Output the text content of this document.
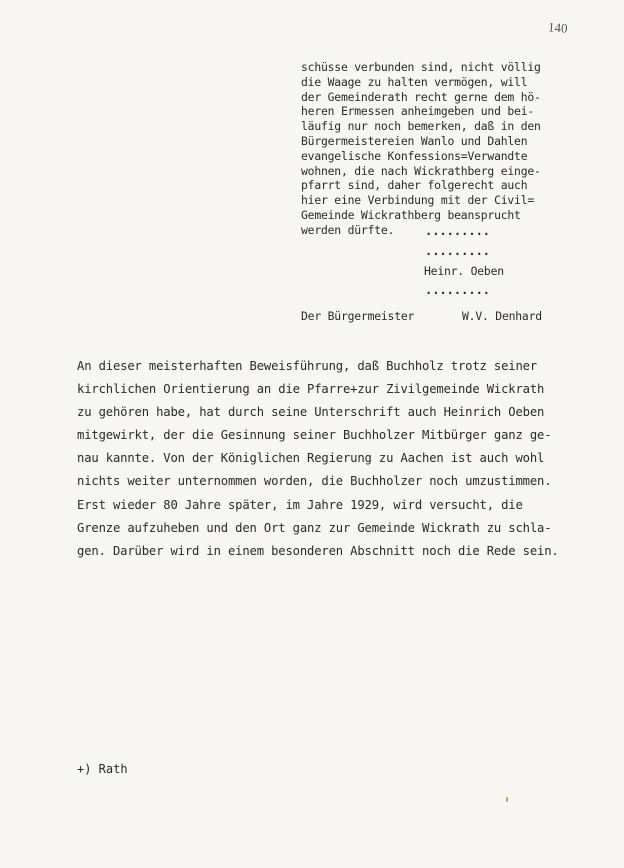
140
schüsse verbunden sind, nicht völlig
die Waage zu halten vermögen, will
der Gemeinderath recht gerne dem hö-
heren Ermessen anheimgeben und bei-
läufig nur noch bemerken, daß in den
Bürgermeistereien Wanlo und Dahlen
evangelische Konfessions=Verwandte
wohnen, die nach Wickrathberg einge-
pfarrt sind, daher folgerecht auch
hier eine Verbindung mit der Civil=
Gemeinde Wickrathberg beansprucht
werden dürfte.	.........
.........
Heinr. Oeben
.........
Der Bürgermeister	W.V. Denhard
An dieser meisterhaften Beweisführung, daß Buchholz trotz seiner
kirchlichen Orientierung an die Pfarre+zur Zivilgemeinde Wickrath
zu gehören habe, hat durch seine Unterschrift auch Heinrich Oeben
mitgewirkt, der die Gesinnung seiner Buchholzer Mitbürger ganz ge-
nau kannte. Von der Königlichen Regierung zu Aachen ist auch wohl
nichts weiter unternommen worden, die Buchholzer noch umzustimmen.
Erst wieder 80 Jahre später, im Jahre 1929, wird versucht, die
Grenze aufzuheben und den Ort ganz zur Gemeinde Wickrath zu schla-
gen. Darüber wird in einem besonderen Abschnitt noch die Rede sein.
+) Rath
